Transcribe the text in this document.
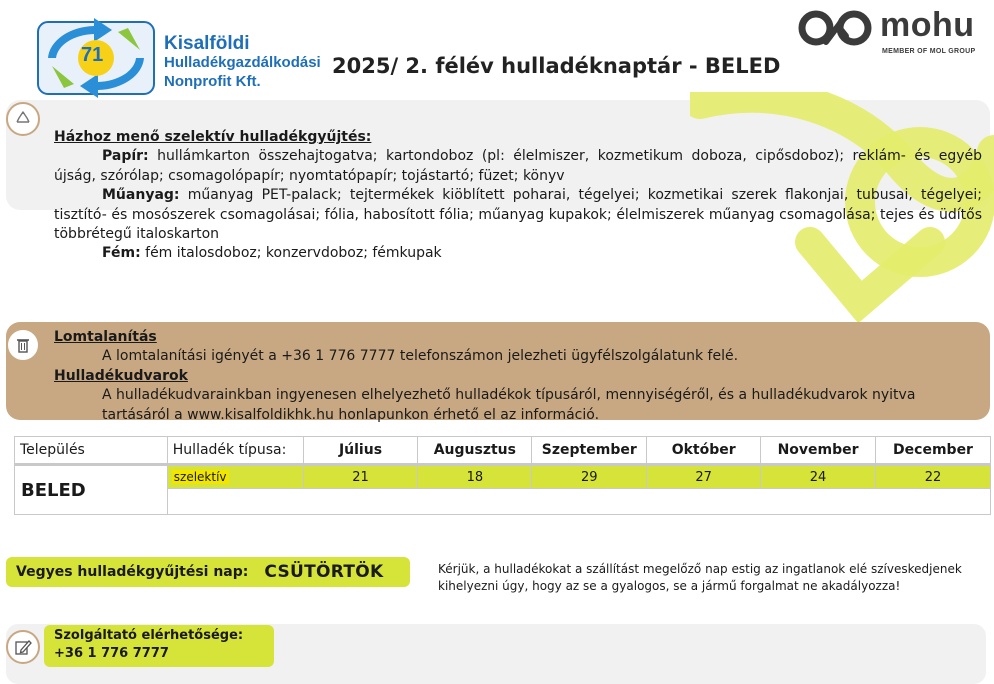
71
Kisalföldi
Hulladékgazdálkodási
Nonprofit Kft.
2025/ 2. félév hulladéknaptár - BELED
mohu
MEMBER OF MOL GROUP
Házhoz menő szelektív hulladékgyűjtés:
Papír: hullámkarton összehajtogatva; kartondoboz (pl: élelmiszer, kozmetikum doboza, cipősdoboz); reklám- és egyéb újság, szórólap; csomagolópapír; nyomtatópapír; tojástartó; füzet; könyv
Műanyag: műanyag PET-palack; tejtermékek kiöblített poharai, tégelyei; kozmetikai szerek flakonjai, tubusai, tégelyei; tisztító- és mosószerek csomagolásai; fólia, habosított fólia; műanyag kupakok; élelmiszerek műanyag csomagolása; tejes és üdítős többrétegű italoskarton
Fém: fém italosdoboz; konzervdoboz; fémkupak
Lomtalanítás
A lomtalanítási igényét a +36 1 776 7777 telefonszámon jelezheti ügyfélszolgálatunk felé.
Hulladékudvarok
A hulladékudvarainkban ingyenesen elhelyezhető hulladékok típusáról, mennyiségéről, és a hulladékudvarok nyitva tartásáról a www.kisalfoldikhk.hu honlapunkon érhető el az információ.
Település	Hulladék típusa:	Július	Augusztus	Szeptember	Október	November	December
BELED	szelektív	21	18	29	27	24	22

Vegyes hulladékgyűjtési nap: CSÜTÖRTÖK	Kérjük, a hulladékokat a szállítást megelőző nap estig az ingatlanok elé szíveskedjenek kihelyezni úgy, hogy az se a gyalogos, se a jármű forgalmat ne akadályozza!
Szolgáltató elérhetősége:
+36 1 776 7777
